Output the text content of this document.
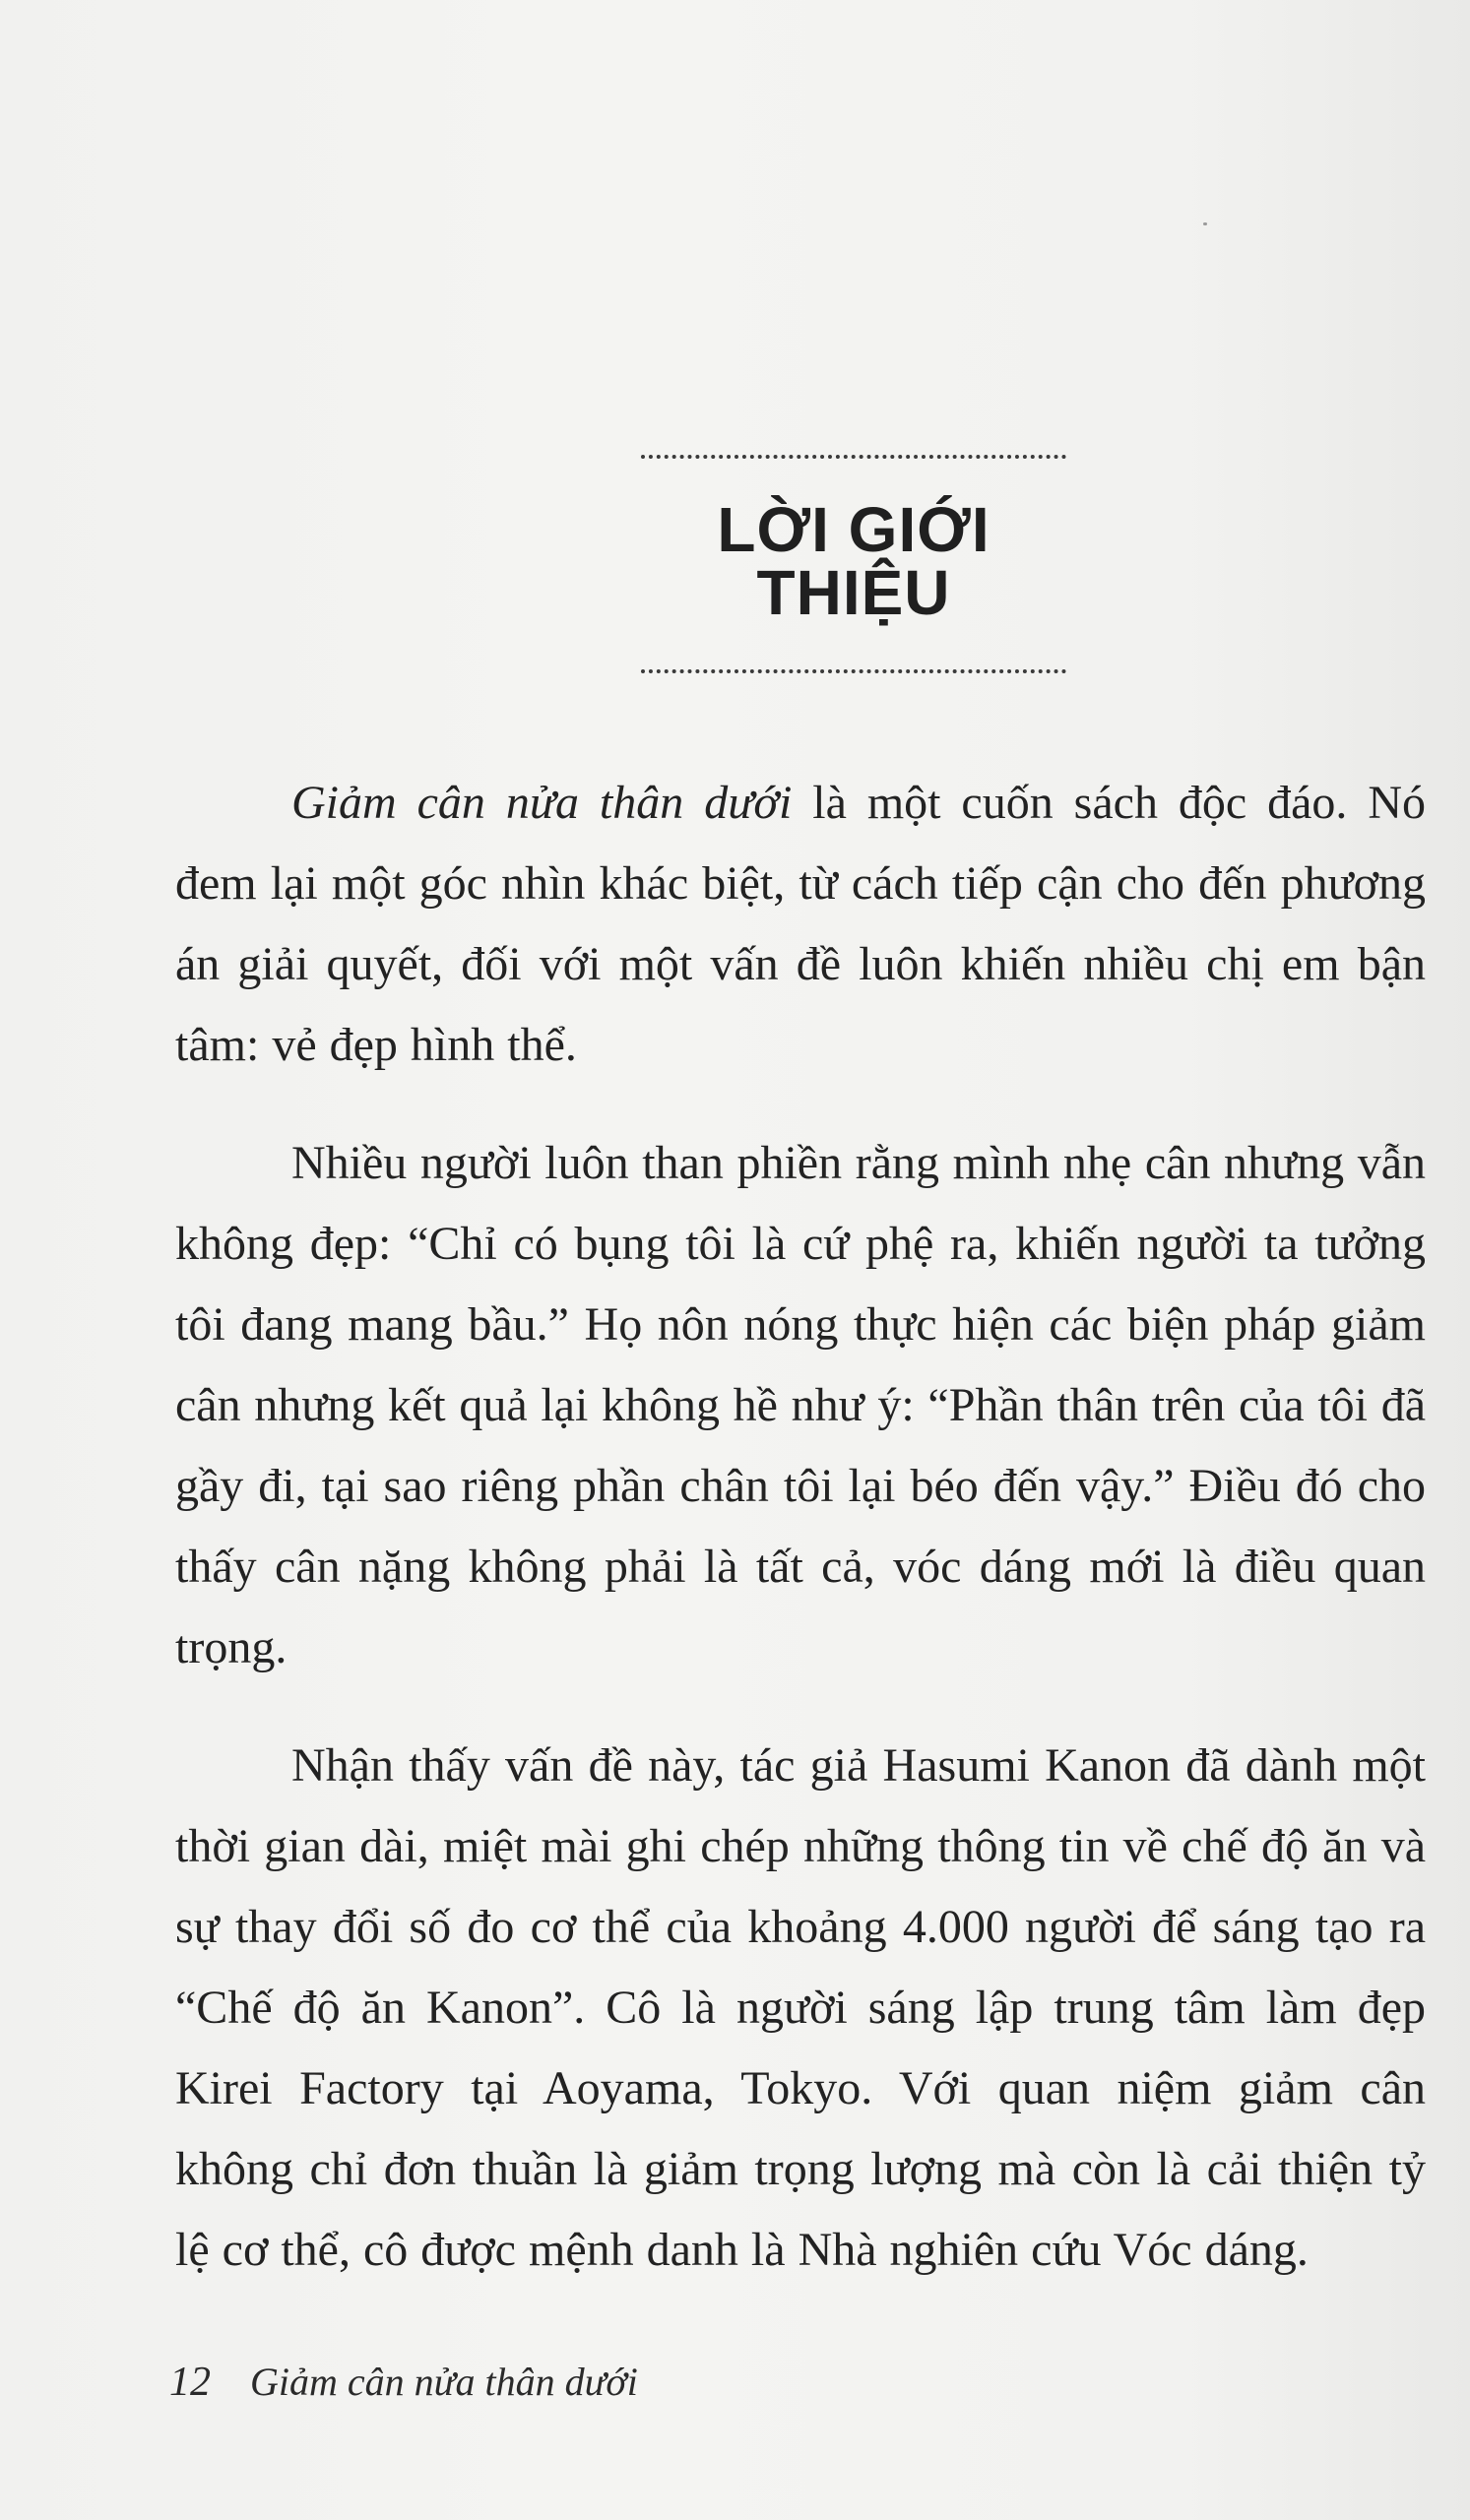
LỜI GIỚI THIỆU

Giảm cân nửa thân dưới là một cuốn sách độc đáo. Nó đem lại một góc nhìn khác biệt, từ cách tiếp cận cho đến phương án giải quyết, đối với một vấn đề luôn khiến nhiều chị em bận tâm: vẻ đẹp hình thể.

Nhiều người luôn than phiền rằng mình nhẹ cân nhưng vẫn không đẹp: “Chỉ có bụng tôi là cứ phệ ra, khiến người ta tưởng tôi đang mang bầu.” Họ nôn nóng thực hiện các biện pháp giảm cân nhưng kết quả lại không hề như ý: “Phần thân trên của tôi đã gầy đi, tại sao riêng phần chân tôi lại béo đến vậy.” Điều đó cho thấy cân nặng không phải là tất cả, vóc dáng mới là điều quan trọng.

Nhận thấy vấn đề này, tác giả Hasumi Kanon đã dành một thời gian dài, miệt mài ghi chép những thông tin về chế độ ăn và sự thay đổi số đo cơ thể của khoảng 4.000 người để sáng tạo ra “Chế độ ăn Kanon”. Cô là người sáng lập trung tâm làm đẹp Kirei Factory tại Aoyama, Tokyo. Với quan niệm giảm cân không chỉ đơn thuần là giảm trọng lượng mà còn là cải thiện tỷ lệ cơ thể, cô được mệnh danh là Nhà nghiên cứu Vóc dáng.

12 Giảm cân nửa thân dưới
